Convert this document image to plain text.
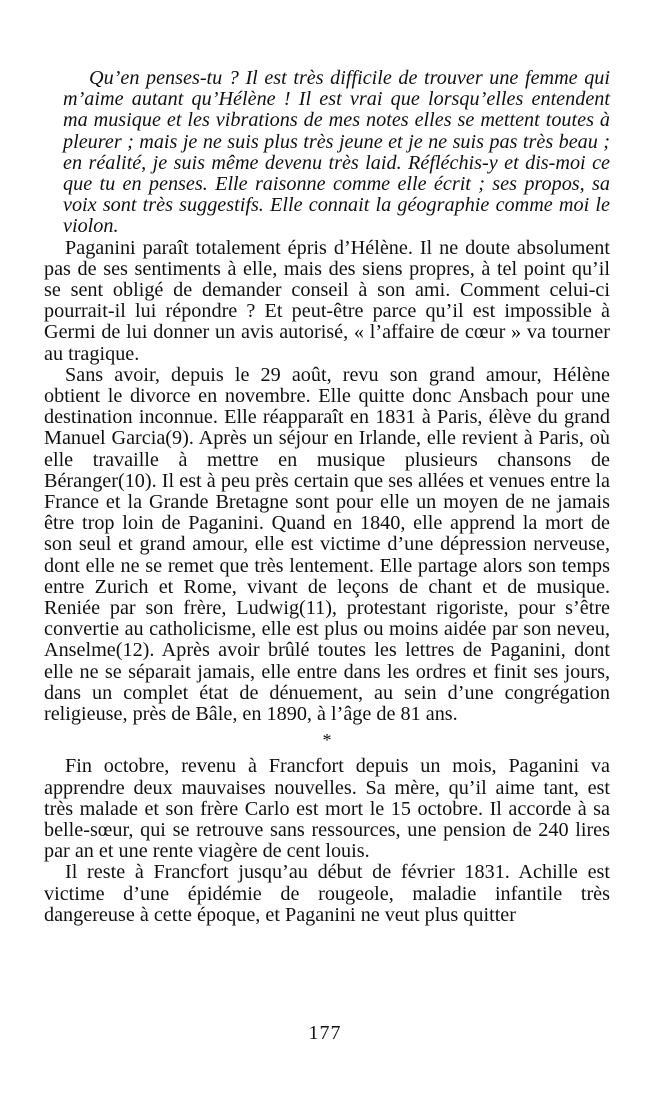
Qu’en penses-tu ? Il est très difficile de trouver une femme qui m’aime autant qu’Hélène ! Il est vrai que lorsqu’elles entendent ma musique et les vibrations de mes notes elles se mettent toutes à pleurer ; mais je ne suis plus très jeune et je ne suis pas très beau ; en réalité, je suis même devenu très laid. Réfléchis-y et dis-moi ce que tu en penses. Elle raisonne comme elle écrit ; ses propos, sa voix sont très suggestifs. Elle connait la géographie comme moi le violon.

Paganini paraît totalement épris d’Hélène. Il ne doute absolument pas de ses sentiments à elle, mais des siens propres, à tel point qu’il se sent obligé de demander conseil à son ami. Comment celui-ci pourrait-il lui répondre ? Et peut-être parce qu’il est impossible à Germi de lui donner un avis autorisé, « l’affaire de cœur » va tourner au tragique.

Sans avoir, depuis le 29 août, revu son grand amour, Hélène obtient le divorce en novembre. Elle quitte donc Ansbach pour une destination inconnue. Elle réapparaît en 1831 à Paris, élève du grand Manuel Garcia(9). Après un séjour en Irlande, elle revient à Paris, où elle travaille à mettre en musique plusieurs chansons de Béranger(10). Il est à peu près certain que ses allées et venues entre la France et la Grande Bretagne sont pour elle un moyen de ne jamais être trop loin de Paganini. Quand en 1840, elle apprend la mort de son seul et grand amour, elle est victime d’une dépression nerveuse, dont elle ne se remet que très lentement. Elle partage alors son temps entre Zurich et Rome, vivant de leçons de chant et de musique. Reniée par son frère, Ludwig(11), protestant rigoriste, pour s’être convertie au catholicisme, elle est plus ou moins aidée par son neveu, Anselme(12). Après avoir brûlé toutes les lettres de Paganini, dont elle ne se séparait jamais, elle entre dans les ordres et finit ses jours, dans un complet état de dénuement, au sein d’une congrégation religieuse, près de Bâle, en 1890, à l’âge de 81 ans.

*

Fin octobre, revenu à Francfort depuis un mois, Paganini va apprendre deux mauvaises nouvelles. Sa mère, qu’il aime tant, est très malade et son frère Carlo est mort le 15 octobre. Il accorde à sa belle-sœur, qui se retrouve sans ressources, une pension de 240 lires par an et une rente viagère de cent louis.

Il reste à Francfort jusqu’au début de février 1831. Achille est victime d’une épidémie de rougeole, maladie infantile très dangereuse à cette époque, et Paganini ne veut plus quitter

177
